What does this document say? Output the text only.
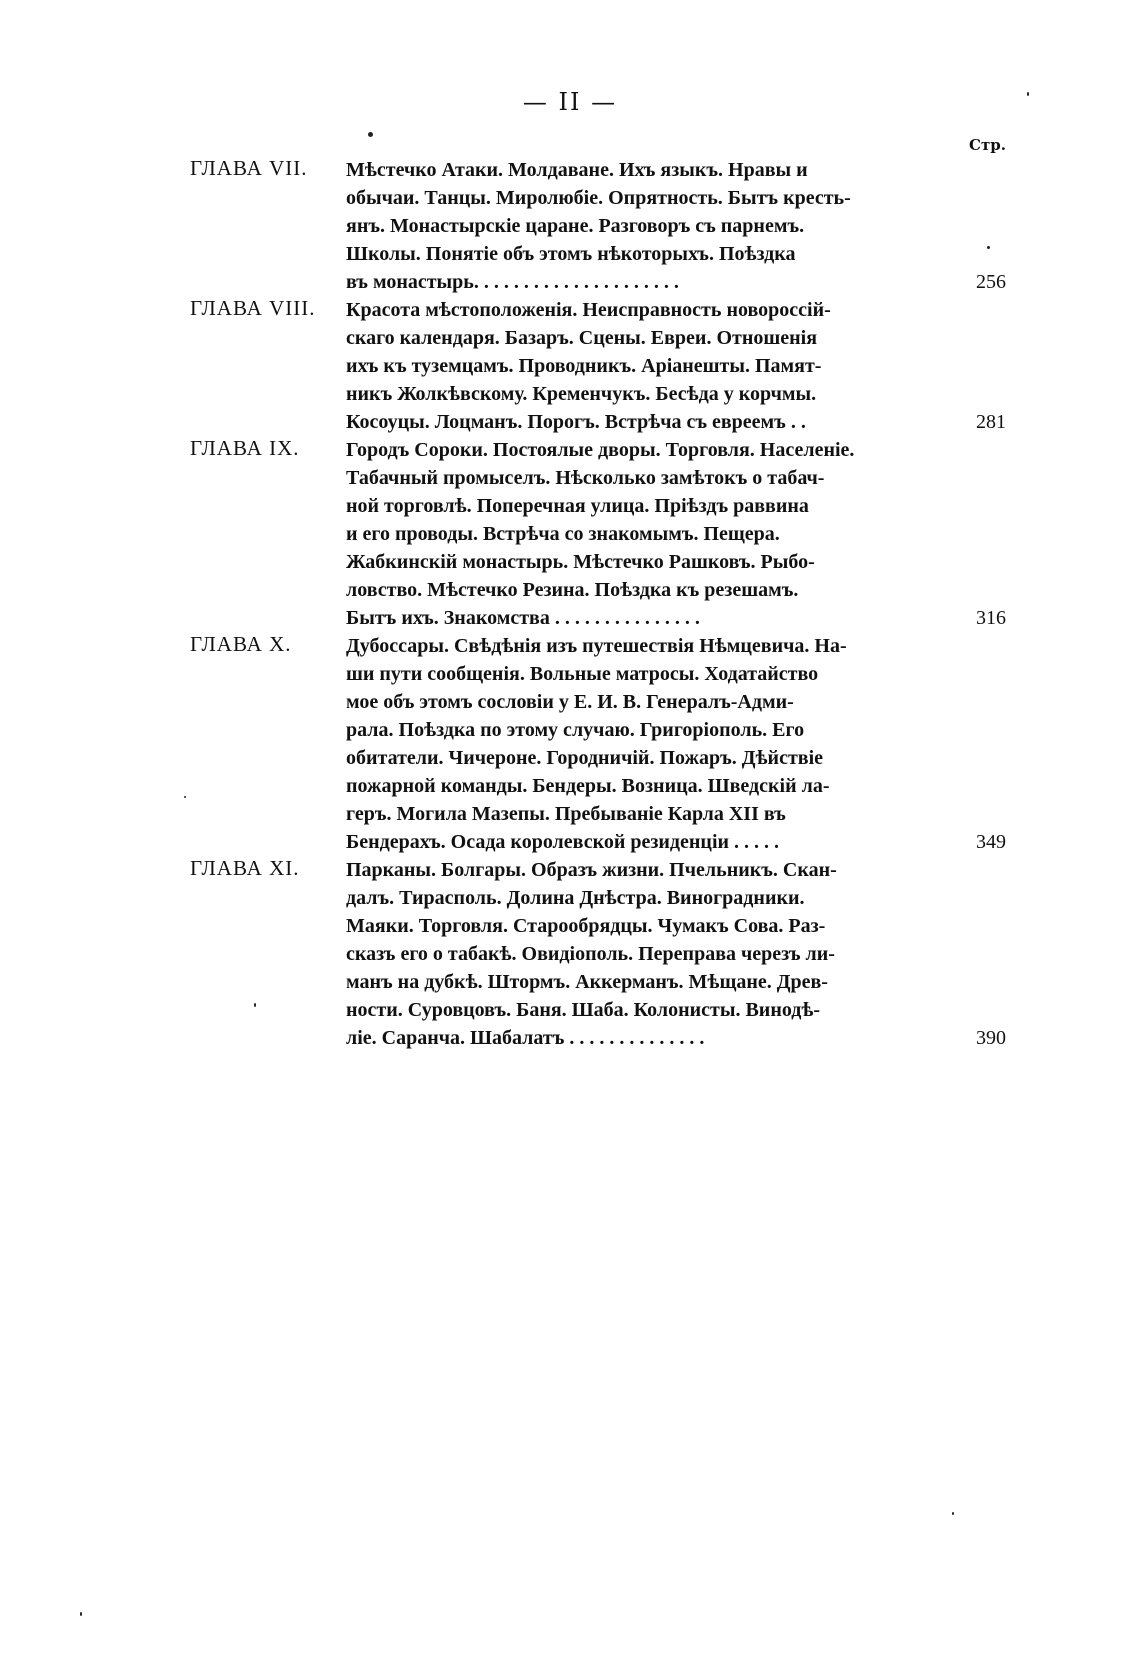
— II —
Стр.
ГЛАВА VII.	Мѣстечко Атаки. Молдаване. Ихъ языкъ. Нравы и
обычаи. Танцы. Миролюбіе. Опрятность. Бытъ кресть-
янъ. Монастырскіе царане. Разговоръ съ парнемъ.
Школы. Понятіе объ этомъ нѣкоторыхъ. Поѣздка
въ монастырь. . . . . . . . . . . . . . . . . . . . .	256
ГЛАВА VIII.	Красота мѣстоположенія. Неисправность новороссій-
скаго календаря. Базаръ. Сцены. Евреи. Отношенія
ихъ къ туземцамъ. Проводникъ. Аріанешты. Памят-
никъ Жолкѣвскому. Кременчукъ. Бесѣда у корчмы.
Косоуцы. Лоцманъ. Порогъ. Встрѣча съ евреемъ . .	281
ГЛАВА IX.	Городъ Сороки. Постоялые дворы. Торговля. Населеніе.
Табачный промыселъ. Нѣсколько замѣтокъ о табач-
ной торговлѣ. Поперечная улица. Пріѣздъ раввина
и его проводы. Встрѣча со знакомымъ. Пещера.
Жабкинскій монастырь. Мѣстечко Рашковъ. Рыбо-
ловство. Мѣстечко Резина. Поѣздка къ резешамъ.
Бытъ ихъ. Знакомства . . . . . . . . . . . . . . .	316
ГЛАВА X.	Дубоссары. Свѣдѣнія изъ путешествія Нѣмцевича. На-
ши пути сообщенія. Вольные матросы. Ходатайство
мое объ этомъ сословіи у Е. И. В. Генералъ-Адми-
рала. Поѣздка по этому случаю. Григоріополь. Его
обитатели. Чичероне. Городничій. Пожаръ. Дѣйствіе
пожарной команды. Бендеры. Возница. Шведскій ла-
геръ. Могила Мазепы. Пребываніе Карла XII въ
Бендерахъ. Осада королевской резиденціи . . . . .	349
ГЛАВА XI.	Парканы. Болгары. Образъ жизни. Пчельникъ. Скан-
далъ. Тирасполь. Долина Днѣстра. Виноградники.
Маяки. Торговля. Старообрядцы. Чумакъ Сова. Раз-
сказъ его о табакѣ. Овидіополь. Переправа черезъ ли-
манъ на дубкѣ. Штормъ. Аккерманъ. Мѣщане. Древ-
ности. Суровцовъ. Баня. Шаба. Колонисты. Винодѣ-
ліе. Саранча. Шабалатъ . . . . . . . . . . . . . .	390
